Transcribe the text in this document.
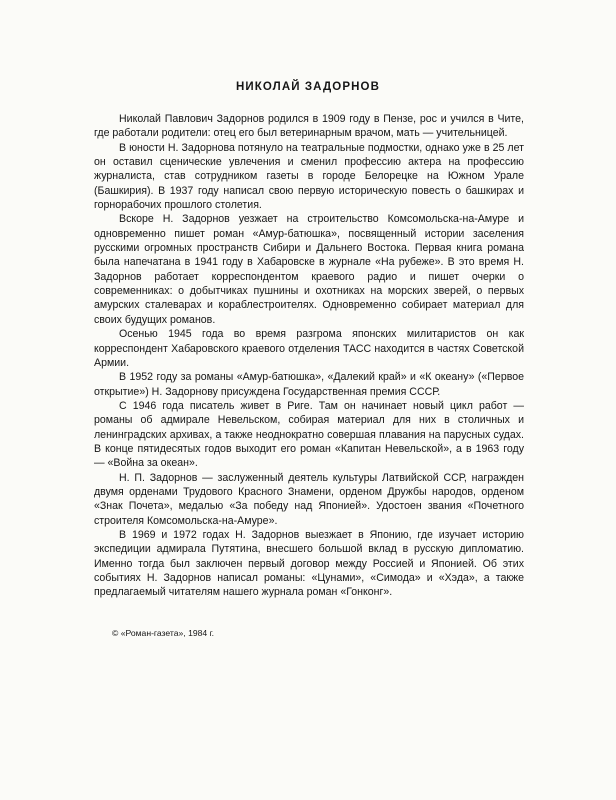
НИКОЛАЙ ЗАДОРНОВ

Николай Павлович Задорнов родился в 1909 году в Пензе, рос и учился в Чите, где работали родители: отец его был ветеринарным врачом, мать — учительницей.

В юности Н. Задорнова потянуло на театральные подмостки, однако уже в 25 лет он оставил сценические увлечения и сменил профессию актера на профессию журналиста, став сотрудником газеты в городе Белорецке на Южном Урале (Башкирия). В 1937 году написал свою первую историческую повесть о башкирах и горнорабочих прошлого столетия.

Вскоре Н. Задорнов уезжает на строительство Комсомольска-на-Амуре и одновременно пишет роман «Амур-батюшка», посвященный истории заселения русскими огромных пространств Сибири и Дальнего Востока. Первая книга романа была напечатана в 1941 году в Хабаровске в журнале «На рубеже». В это время Н. Задорнов работает корреспондентом краевого радио и пишет очерки о современниках: о добытчиках пушнины и охотниках на морских зверей, о первых амурских сталеварах и кораблестроителях. Одновременно собирает материал для своих будущих романов.

Осенью 1945 года во время разгрома японских милитаристов он как корреспондент Хабаровского краевого отделения ТАСС находится в частях Советской Армии.

В 1952 году за романы «Амур-батюшка», «Далекий край» и «К океану» («Первое открытие») Н. Задорнову присуждена Государственная премия СССР.

С 1946 года писатель живет в Риге. Там он начинает новый цикл работ — романы об адмирале Невельском, собирая материал для них в столичных и ленинградских архивах, а также неоднократно совершая плавания на парусных судах. В конце пятидесятых годов выходит его роман «Капитан Невельской», а в 1963 году — «Война за океан».

Н. П. Задорнов — заслуженный деятель культуры Латвийской ССР, награжден двумя орденами Трудового Красного Знамени, орденом Дружбы народов, орденом «Знак Почета», медалью «За победу над Японией». Удостоен звания «Почетного строителя Комсомольска-на-Амуре».

В 1969 и 1972 годах Н. Задорнов выезжает в Японию, где изучает историю экспедиции адмирала Путятина, внесшего большой вклад в русскую дипломатию. Именно тогда был заключен первый договор между Россией и Японией. Об этих событиях Н. Задорнов написал романы: «Цунами», «Симода» и «Хэда», а также предлагаемый читателям нашего журнала роман «Гонконг».

© «Роман-газета», 1984 г.
